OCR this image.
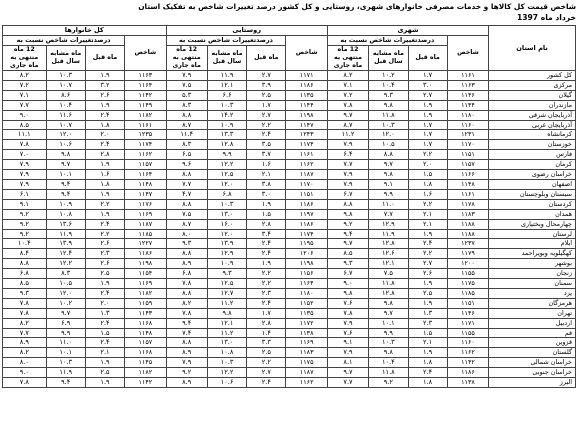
شاخص قیمت کل کالاها و خدمات مصرفی خانوارهای شهری، روستایی و کل کشور درصد تغییرات شاخص به تفکیک استان
خرداد ماه 1397
نام استان	شهری				روستایی				کل خانوارها			
	شاخص	درصدتغییرات شاخص نسبت به			شاخص	درصدتغییرات شاخص نسبت به			شاخص	درصدتغییرات شاخص نسبت به		
		ماه قبل	ماه مشابه سال قبل	12 ماه منتهی به ماه جاری		ماه قبل	ماه مشابه سال قبل	12 ماه منتهی به ماه جاری		ماه قبل	ماه مشابه سال قبل	12 ماه منتهی به ماه جاری
کل کشور	۱۱۶۱	۱.۷	۱۰.۲	۸.۲	۱۱۷۱	۲.۷	۱۱.۹	۷.۹	۱۱۶۳	۱.۹	۱۰.۳	۸.۲
مرکزی	۱۱۶۳	۳.۰	۱۰.۴	۷.۱	۱۱۸۶	۳.۹	۱۲.۱	۷.۵	۱۱۶۴	۳.۲	۱۰.۷	۷.۲
گیلان	۱۱۴۶	۲.۷	۹.۳	۷.۲	۱۱۳۵	۲.۵	۶.۶	۵.۳	۱۱۴۲	۲.۶	۸.۶	۷.۱
مازندران	۱۱۴۴	۱.۹	۹.۸	۷.۸	۱۱۴۴	۱.۷	۱۰.۳	۸.۳	۱۱۴۹	۱.۹	۱۰.۴	۷.۷
آذربایجان شرقی	۱۱۸۰	۱.۹	۱۱.۸	۹.۷	۱۱۹۸	۲.۷	۱۴.۲	۸.۸	۱۱۸۲	۲.۴	۱۱.۶	۹.۰
آذربایجان غربی	۱۱۶۰	۱.۷	۱۰.۳	۸.۷	۱۱۴۷	۲.۲	۱۰.۹	۸.۷	۱۱۶۱	۱.۸	۱۰.۷	۸.۵
کرمانشاه	۱۲۳۱	۱.۷	۱۲.۰	۱۱.۲	۱۲۴۳	۲.۴	۱۳.۳	۱۱.۴	۱۲۳۵	۲.۰	۱۲.۰	۱۱.۱
خوزستان	۱۱۷۰	۱.۷	۱۰.۵	۷.۹	۱۱۷۴	۳.۵	۱۲.۸	۸.۳	۱۱۷۴	۲.۴	۱۰.۶	۷.۸
فارس	۱۱۵۱	۲.۲	۸.۸	۶.۴	۱۱۶۱	۳.۷	۹.۹	۶.۵	۱۱۶۲	۲.۸	۹.۸	۷.۰
کرمان	۱۱۵۷	۲.۰	۹.۷	۷.۷	۱۱۶۲	۱.۶	۱۲.۲	۹.۶	۱۱۵۷	۱.۹	۹.۷	۷.۹
خراسان رضوی	۱۱۶۶	۱.۵	۹.۸	۷.۹	۱۱۸۷	۲.۱	۱۲.۵	۸.۸	۱۱۶۴	۱.۶	۱۰.۱	۷.۹
اصفهان	۱۱۴۸	۱.۸	۹.۱	۷.۹	۱۱۷۰	۳.۸	۱۲.۰	۷.۷	۱۱۴۸	۱.۸	۹.۴	۷.۹
سیستان وبلوچستان	۱۱۶۱	۱.۶	۹.۹	۶.۷	۱۱۵۱	۳.۰	۶.۸	۴.۷	۱۱۴۷	۱.۹	۹.۴	۶.۱
کردستان	۱۱۷۸	۲.۲	۱۱.۰	۸.۸	۱۱۸۶	۱.۹	۱۰.۳	۸.۸	۱۱۷۶	۲.۲	۱۰.۹	۹.۱
همدان	۱۱۸۳	۲.۱	۷.۷	۹.۸	۱۱۹۷	۱.۵	۱۳.۰	۷.۵	۱۱۶۹	۱.۹	۱۰.۸	۹.۲
چهارمحال وبختیاری	۱۱۸۸	۲.۱	۱۲.۹	۹.۲	۱۱۸۶	۲.۸	۱۶.۰	۸.۷	۱۱۸۷	۲.۴	۱۳.۶	۹.۲
لرستان	۱۱۸۸	۱.۹	۱۱.۹	۹.۴	۱۱۷۴	۳.۴	۱۲.۰	۸.۰	۱۱۸۵	۲.۲	۱۱.۹	۹.۲
ایلام	۱۲۳۷	۲.۴	۱۲.۸	۹.۷	۱۱۹۵	۲.۴	۱۳.۹	۹.۳	۱۲۲۷	۲.۶	۱۳.۹	۱۰.۴
کهگیلویه وبویراحمد	۱۱۷۹	۲.۲	۱۲.۶	۸.۵	۱۲۰۶	۲.۴	۱۲.۹	۸.۸	۱۱۸۶	۲.۳	۱۲.۴	۸.۴
بوشهر	۱۲۰۰	۲.۷	۱۲.۱	۹.۳	۱۱۹۸	۱.۹	۱۰.۹	۸.۹	۱۱۹۸	۲.۶	۱۲.۲	۸.۸
زنجان	۱۱۵۵	۲.۶	۷.۵	۶.۷	۱۱۵۶	۲.۲	۹.۳	۶.۸	۱۱۵۴	۲.۵	۸.۳	۶.۸
سمنان	۱۱۷۵	۱.۹	۱۱.۸	۹.۰	۱۱۶۴	۲.۲	۱۲.۵	۷.۸	۱۱۶۹	۱.۹	۱۰.۵	۸.۵
یزد	۱۱۸۵	۲.۵	۱۲.۸	۹.۸	۱۱۸۰	۲.۳	۱۲.۷	۸.۸	۱۱۸۲	۲.۴	۱۲.۰	۹.۳
هرمزگان	۱۱۵۱	۱.۹	۹.۸	۷.۶	۱۱۵۲	۲.۴	۱۱.۲	۸.۲	۱۱۵۹	۲.۰	۱۰.۲	۷.۸
تهران	۱۱۴۶	۱.۳	۹.۷	۷.۸	۱۱۳۵	۱.۷	۹.۸	۷.۸	۱۱۴۳	۱.۳	۹.۷	۷.۸
اردبیل	۱۱۷۱	۲.۳	۱۰.۱	۷.۹	۱۱۷۲	۲.۸	۱۲.۱	۹.۴	۱۱۶۸	۲.۴	۶.۹	۸.۲
قم	۱۱۵۵	۱.۵	۹.۹	۷.۶	۱۱۳۸	۱.۴	۱۱.۲	۷.۴	۱۱۴۸	۱.۵	۹.۹	۷.۷
قزوین	۱۱۶۰	۲.۱	۱۰.۳	۹.۱	۱۱۶۹	۳.۳	۱۳.۰	۸.۸	۱۱۵۷	۲.۴	۱۱.۰	۸.۹
گلستان	۱۱۶۲	۱.۹	۹.۸	۷.۹	۱۱۸۳	۲.۵	۱۰.۸	۸.۹	۱۱۶۸	۲.۱	۱۰.۱	۸.۲
خراسان شمالی	۱۱۴۲	۱.۸	۱۰.۴	۸.۱	۱۱۷۵	۲.۲	۱۰.۳	۷.۹	۱۱۴۵	۱.۹	۱۰.۳	۸.۰
خراسان جنوبی	۱۱۸۶	۲.۴	۱۱.۸	۹.۷	۱۱۸۷	۲.۷	۱۲.۲	۹.۲	۱۱۸۲	۲.۵	۱۱.۹	۹.۰
البرز	۱۱۳۸	۱.۸	۹.۲	۷.۷	۱۱۶۲	۲.۴	۱۰.۶	۸.۹	۱۱۴۲	۱.۹	۹.۴	۷.۸
